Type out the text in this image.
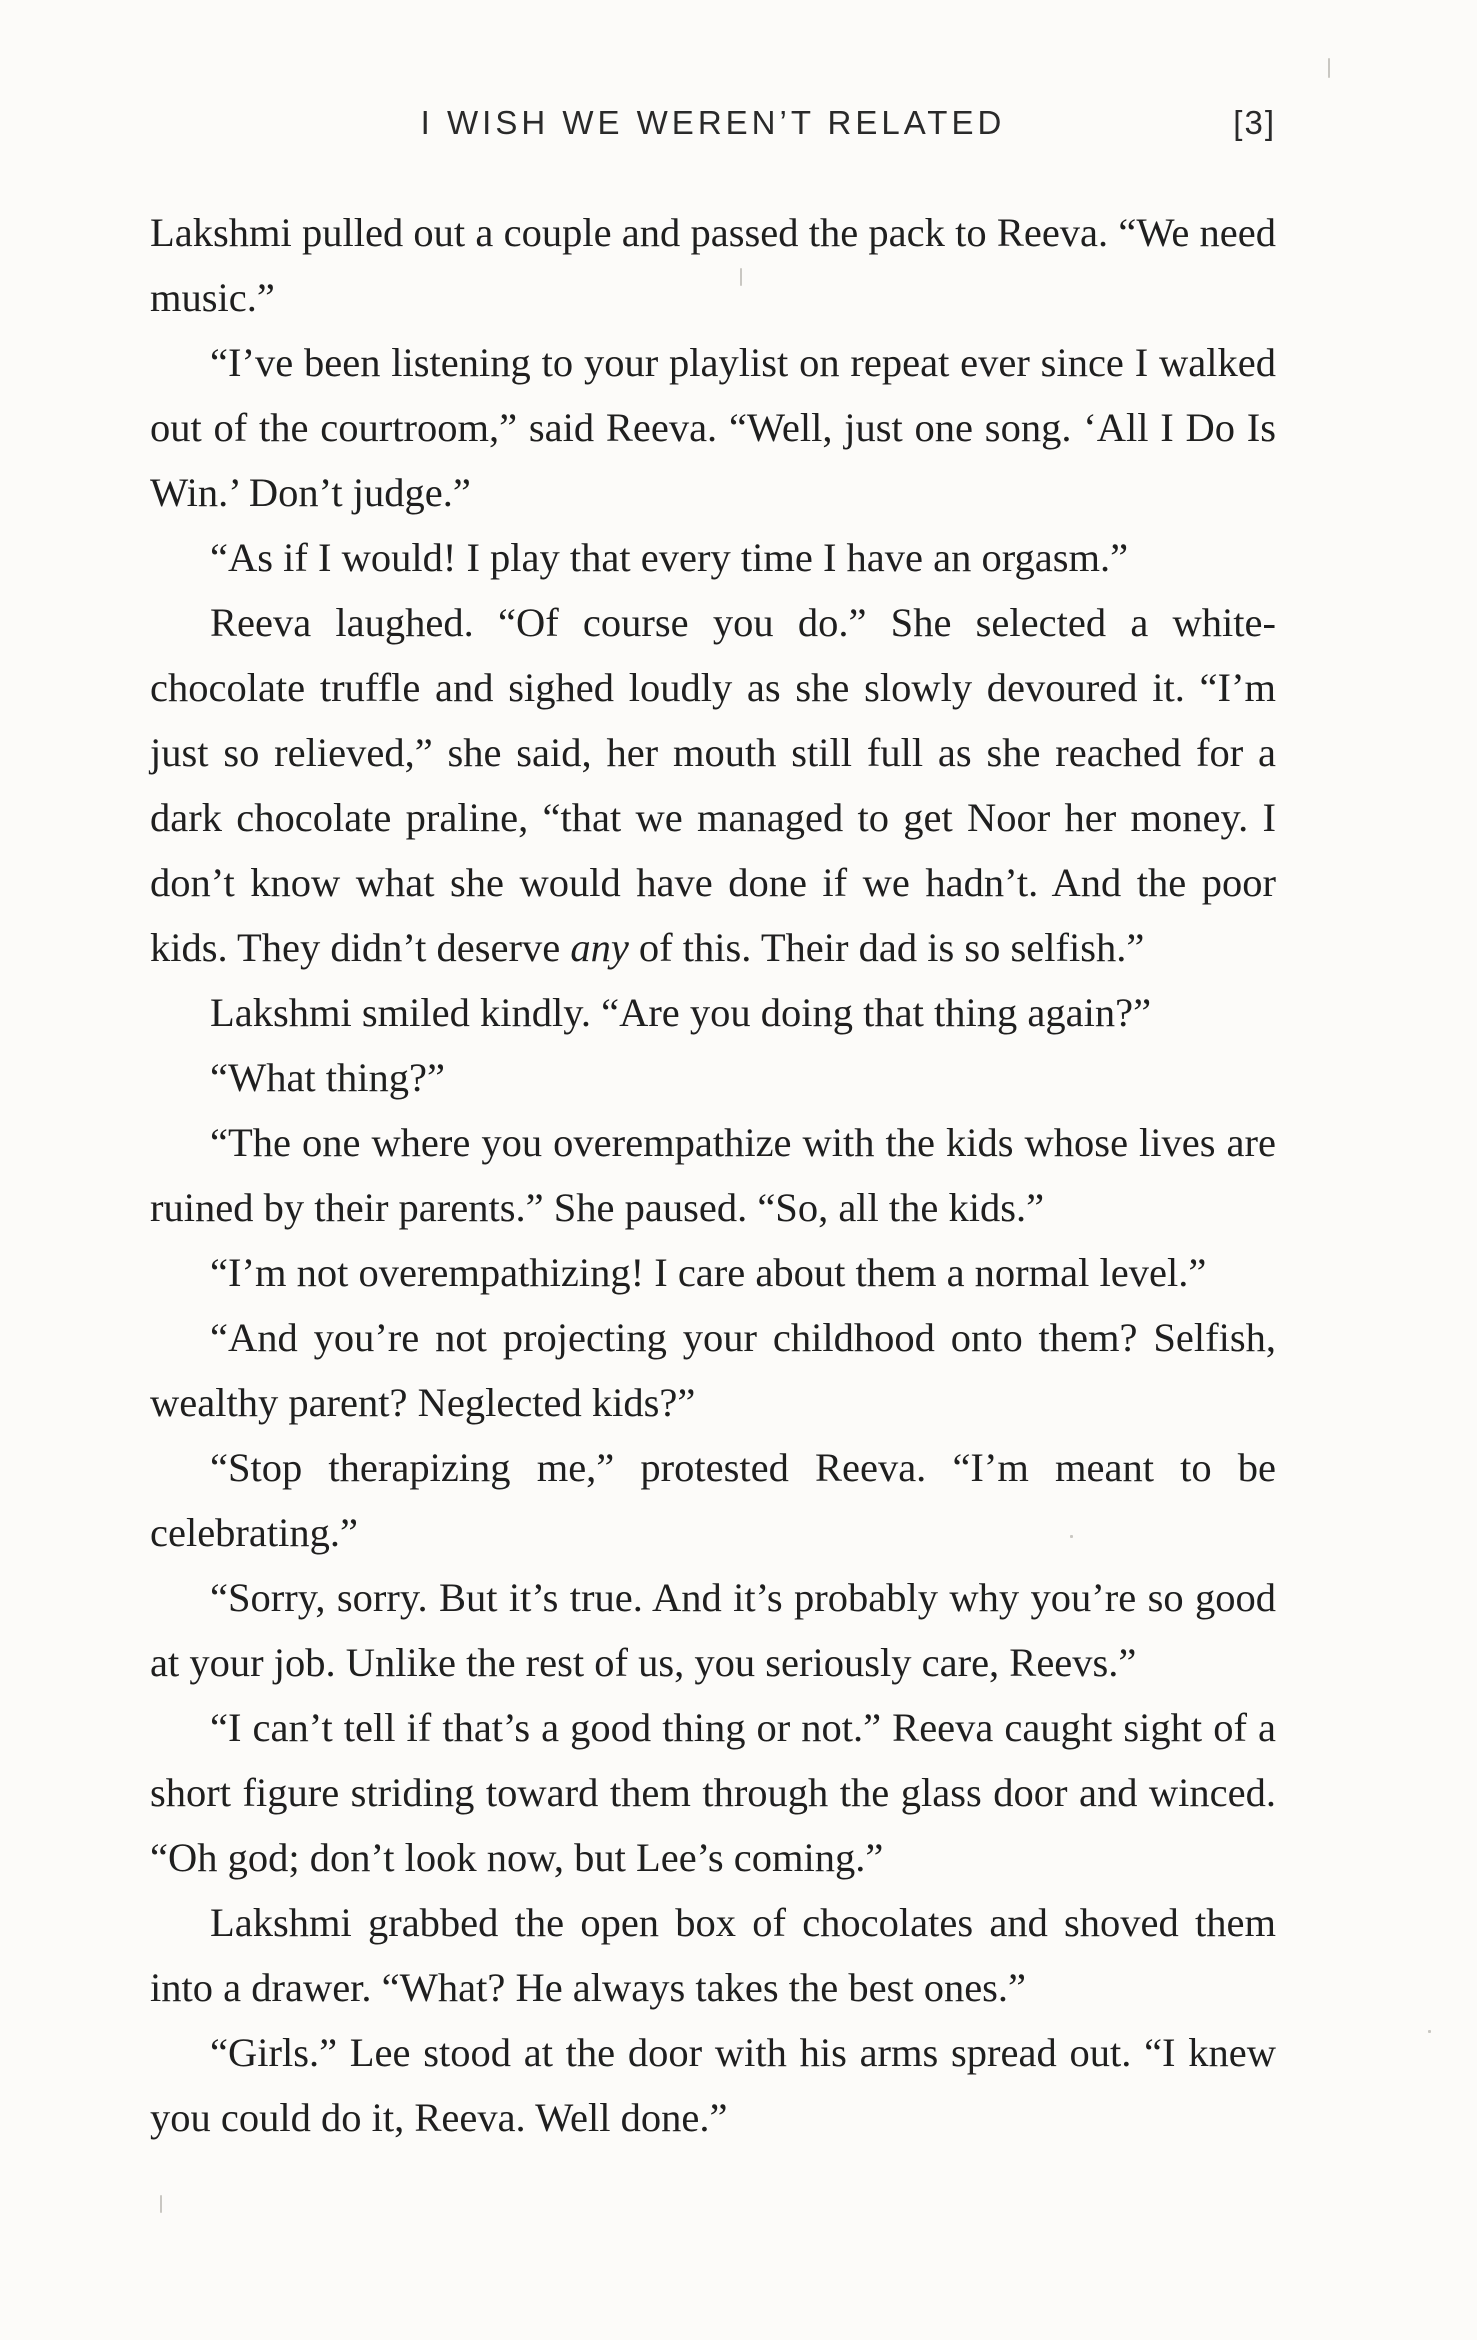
I WISH WE WEREN’T RELATED	[3]

Lakshmi pulled out a couple and passed the pack to Reeva. “We need music.”

“I’ve been listening to your playlist on repeat ever since I walked out of the courtroom,” said Reeva. “Well, just one song. ‘All I Do Is Win.’ Don’t judge.”

“As if I would! I play that every time I have an orgasm.”

Reeva laughed. “Of course you do.” She selected a white-chocolate truffle and sighed loudly as she slowly devoured it. “I’m just so relieved,” she said, her mouth still full as she reached for a dark chocolate praline, “that we managed to get Noor her money. I don’t know what she would have done if we hadn’t. And the poor kids. They didn’t deserve any of this. Their dad is so selfish.”

Lakshmi smiled kindly. “Are you doing that thing again?”

“What thing?”

“The one where you overempathize with the kids whose lives are ruined by their parents.” She paused. “So, all the kids.”

“I’m not overempathizing! I care about them a normal level.”

“And you’re not projecting your childhood onto them? Selfish, wealthy parent? Neglected kids?”

“Stop therapizing me,” protested Reeva. “I’m meant to be celebrating.”

“Sorry, sorry. But it’s true. And it’s probably why you’re so good at your job. Unlike the rest of us, you seriously care, Reevs.”

“I can’t tell if that’s a good thing or not.” Reeva caught sight of a short figure striding toward them through the glass door and winced. “Oh god; don’t look now, but Lee’s coming.”

Lakshmi grabbed the open box of chocolates and shoved them into a drawer. “What? He always takes the best ones.”

“Girls.” Lee stood at the door with his arms spread out. “I knew you could do it, Reeva. Well done.”
